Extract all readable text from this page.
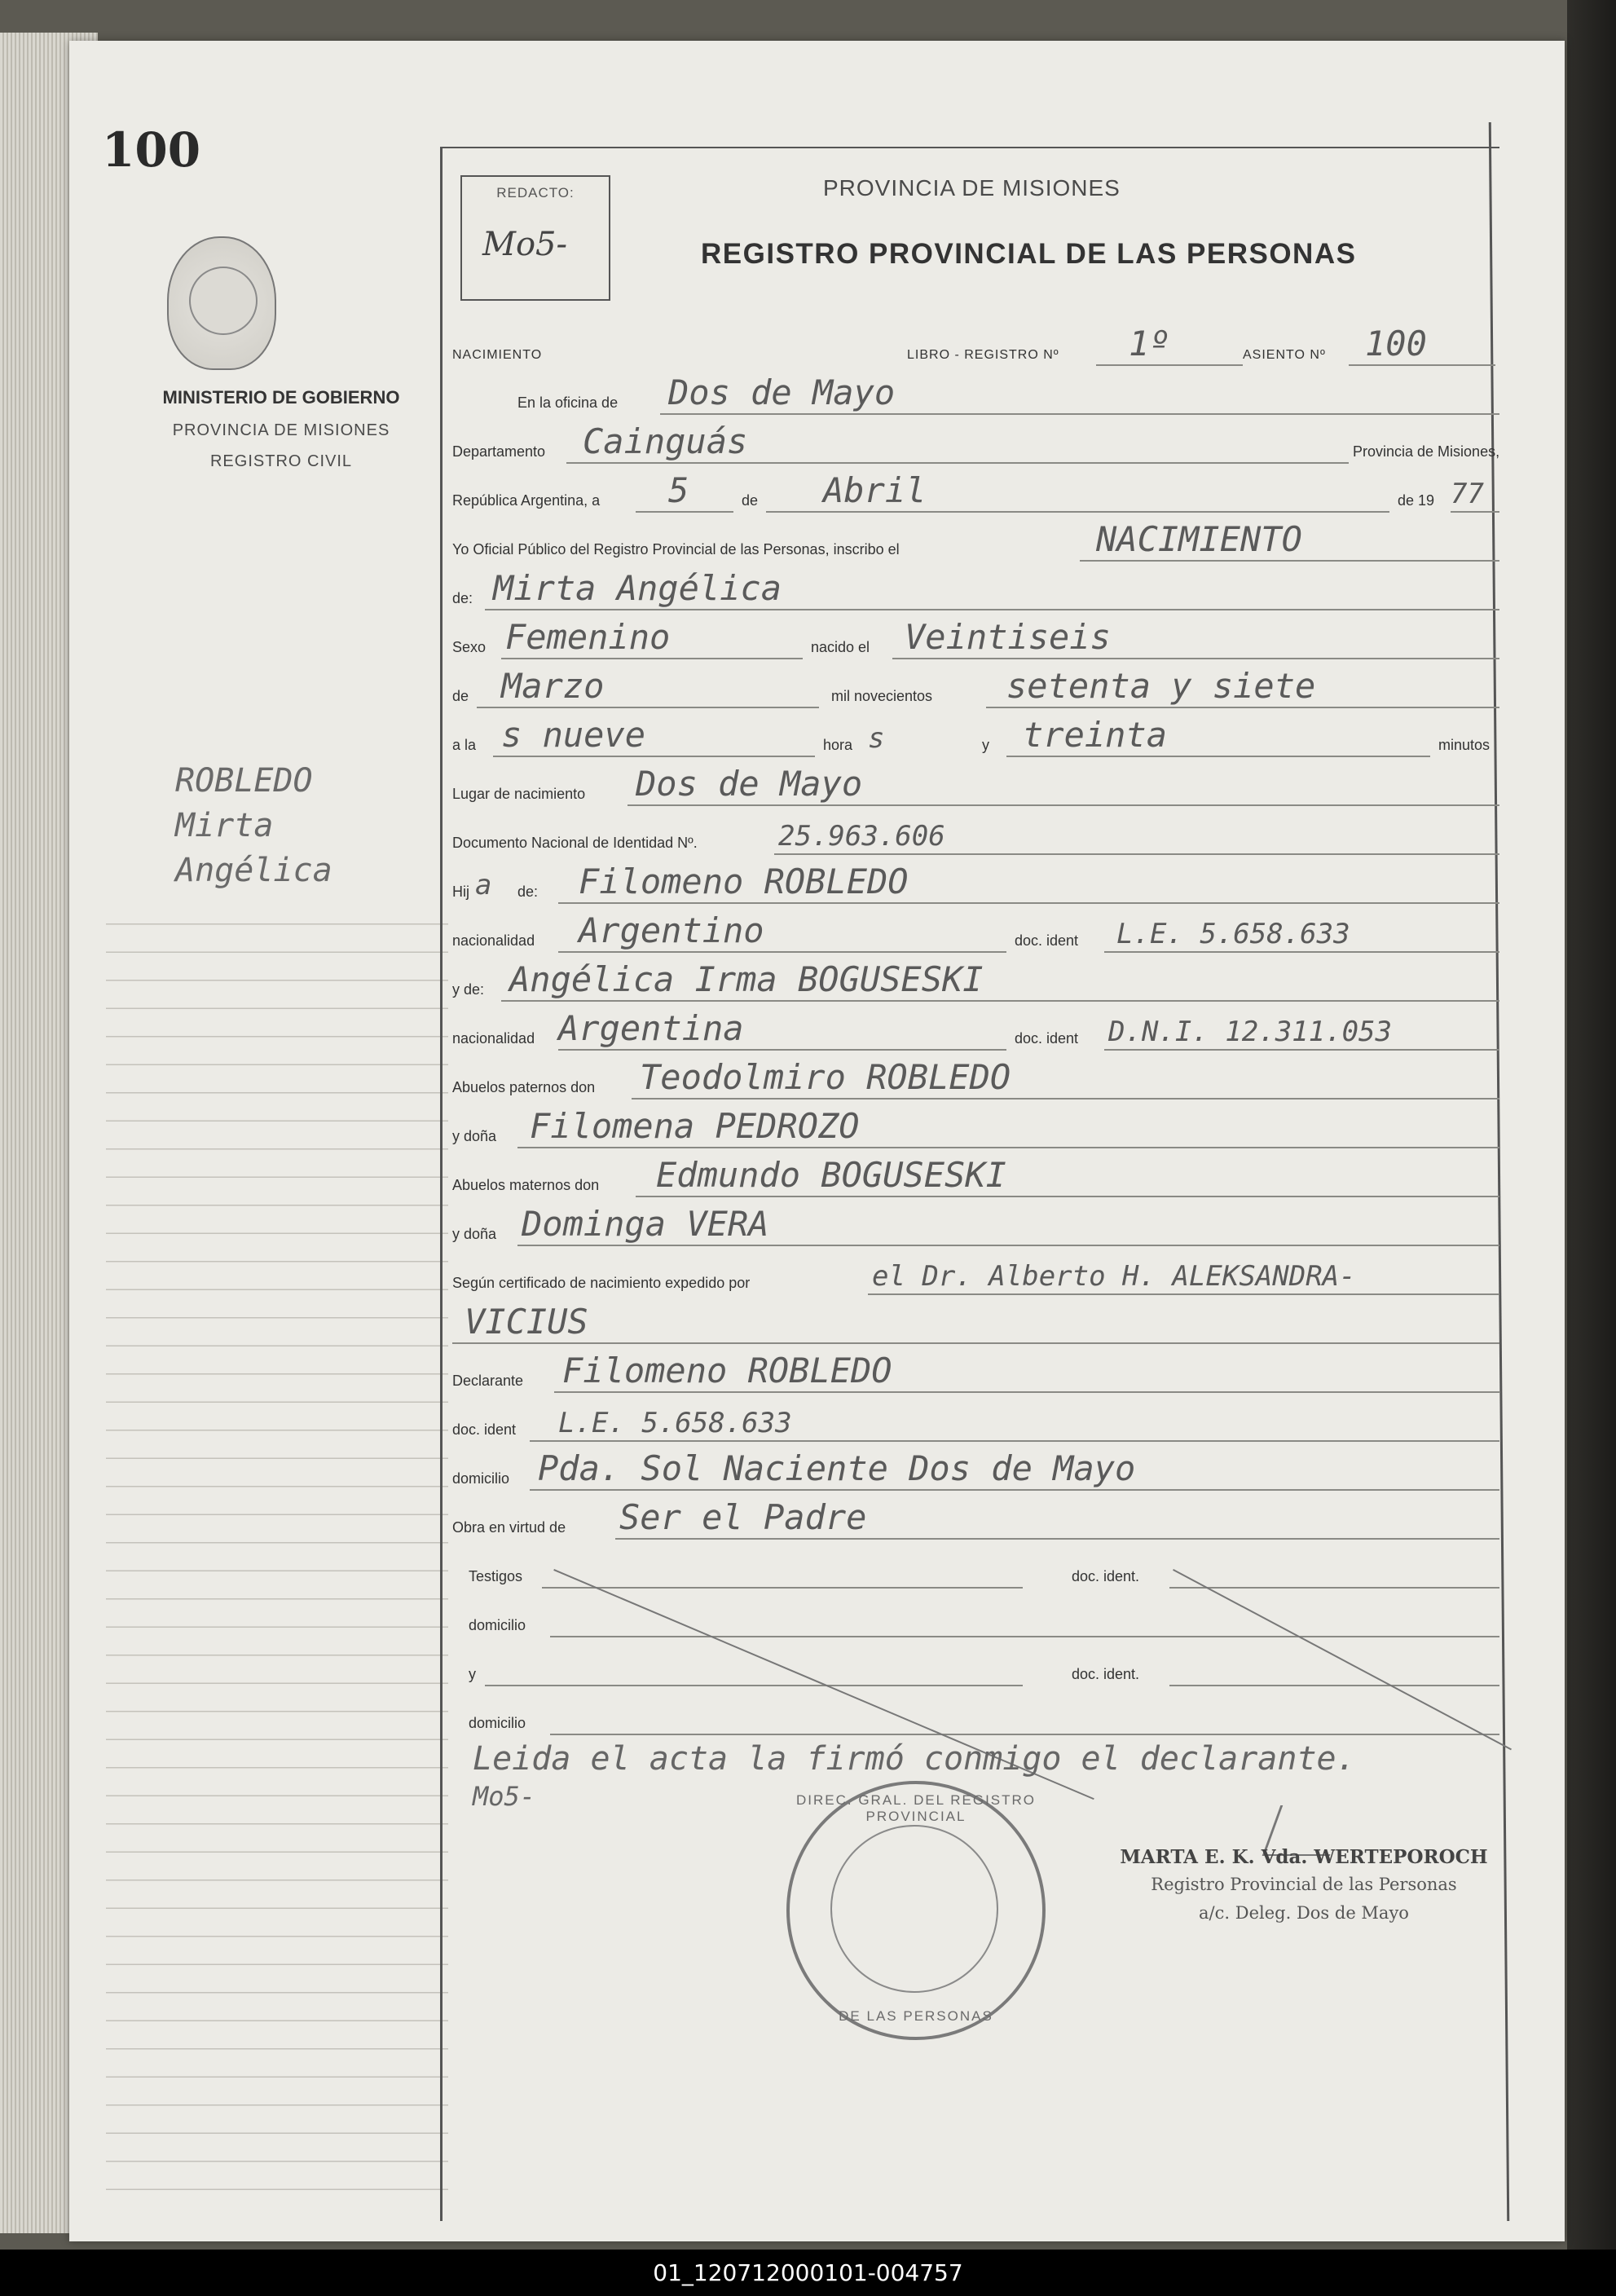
100
MINISTERIO DE GOBIERNO
PROVINCIA DE MISIONES
REGISTRO CIVIL
ROBLEDO
Mirta
Angélica
REDACTO:
Mo5-
PROVINCIA DE MISIONES
REGISTRO PROVINCIAL DE LAS PERSONAS
NACIMIENTO	LIBRO - REGISTRO Nº 1º	ASIENTO Nº 100
En la oficina de Dos de Mayo
Departamento Cainguás	Provincia de Misiones,
República Argentina, a 5	de Abril	de 19 77
Yo Oficial Público del Registro Provincial de las Personas, inscribo el	NACIMIENTO
de: Mirta Angélica
Sexo Femenino	nacido el Veintiseis
de Marzo	mil novecientos setenta y siete
a la s nueve	hora s	y treinta	minutos
Lugar de nacimiento Dos de Mayo
Documento Nacional de Identidad Nº.	25.963.606
Hij a de: Filomeno ROBLEDO
nacionalidad Argentino	doc. ident L.E. 5.658.633
y de: Angélica Irma BOGUSESKI
nacionalidad Argentina	doc. ident D.N.I. 12.311.053
Abuelos paternos don Teodolmiro ROBLEDO
y doña Filomena PEDROZO
Abuelos maternos don Edmundo BOGUSESKI
y doña Dominga VERA
Según certificado de nacimiento expedido por	el Dr. Alberto H. ALEKSANDRA-
VICIUS
Declarante Filomeno ROBLEDO
doc. ident L.E. 5.658.633
domicilio Pda. Sol Naciente Dos de Mayo
Obra en virtud de Ser el Padre
Testigos	doc. ident.
domicilio
y	doc. ident.
domicilio
Leida el acta la firmó conmigo el declarante.
Mo5-	DIREC. GRAL. DEL REGISTRO PROVINCIAL
DE LAS PERSONAS
MARTA E. K. Vda. WERTEPOROCH
Registro Provincial de las Personas
a/c. Deleg. Dos de Mayo
01_120712000101-004757
